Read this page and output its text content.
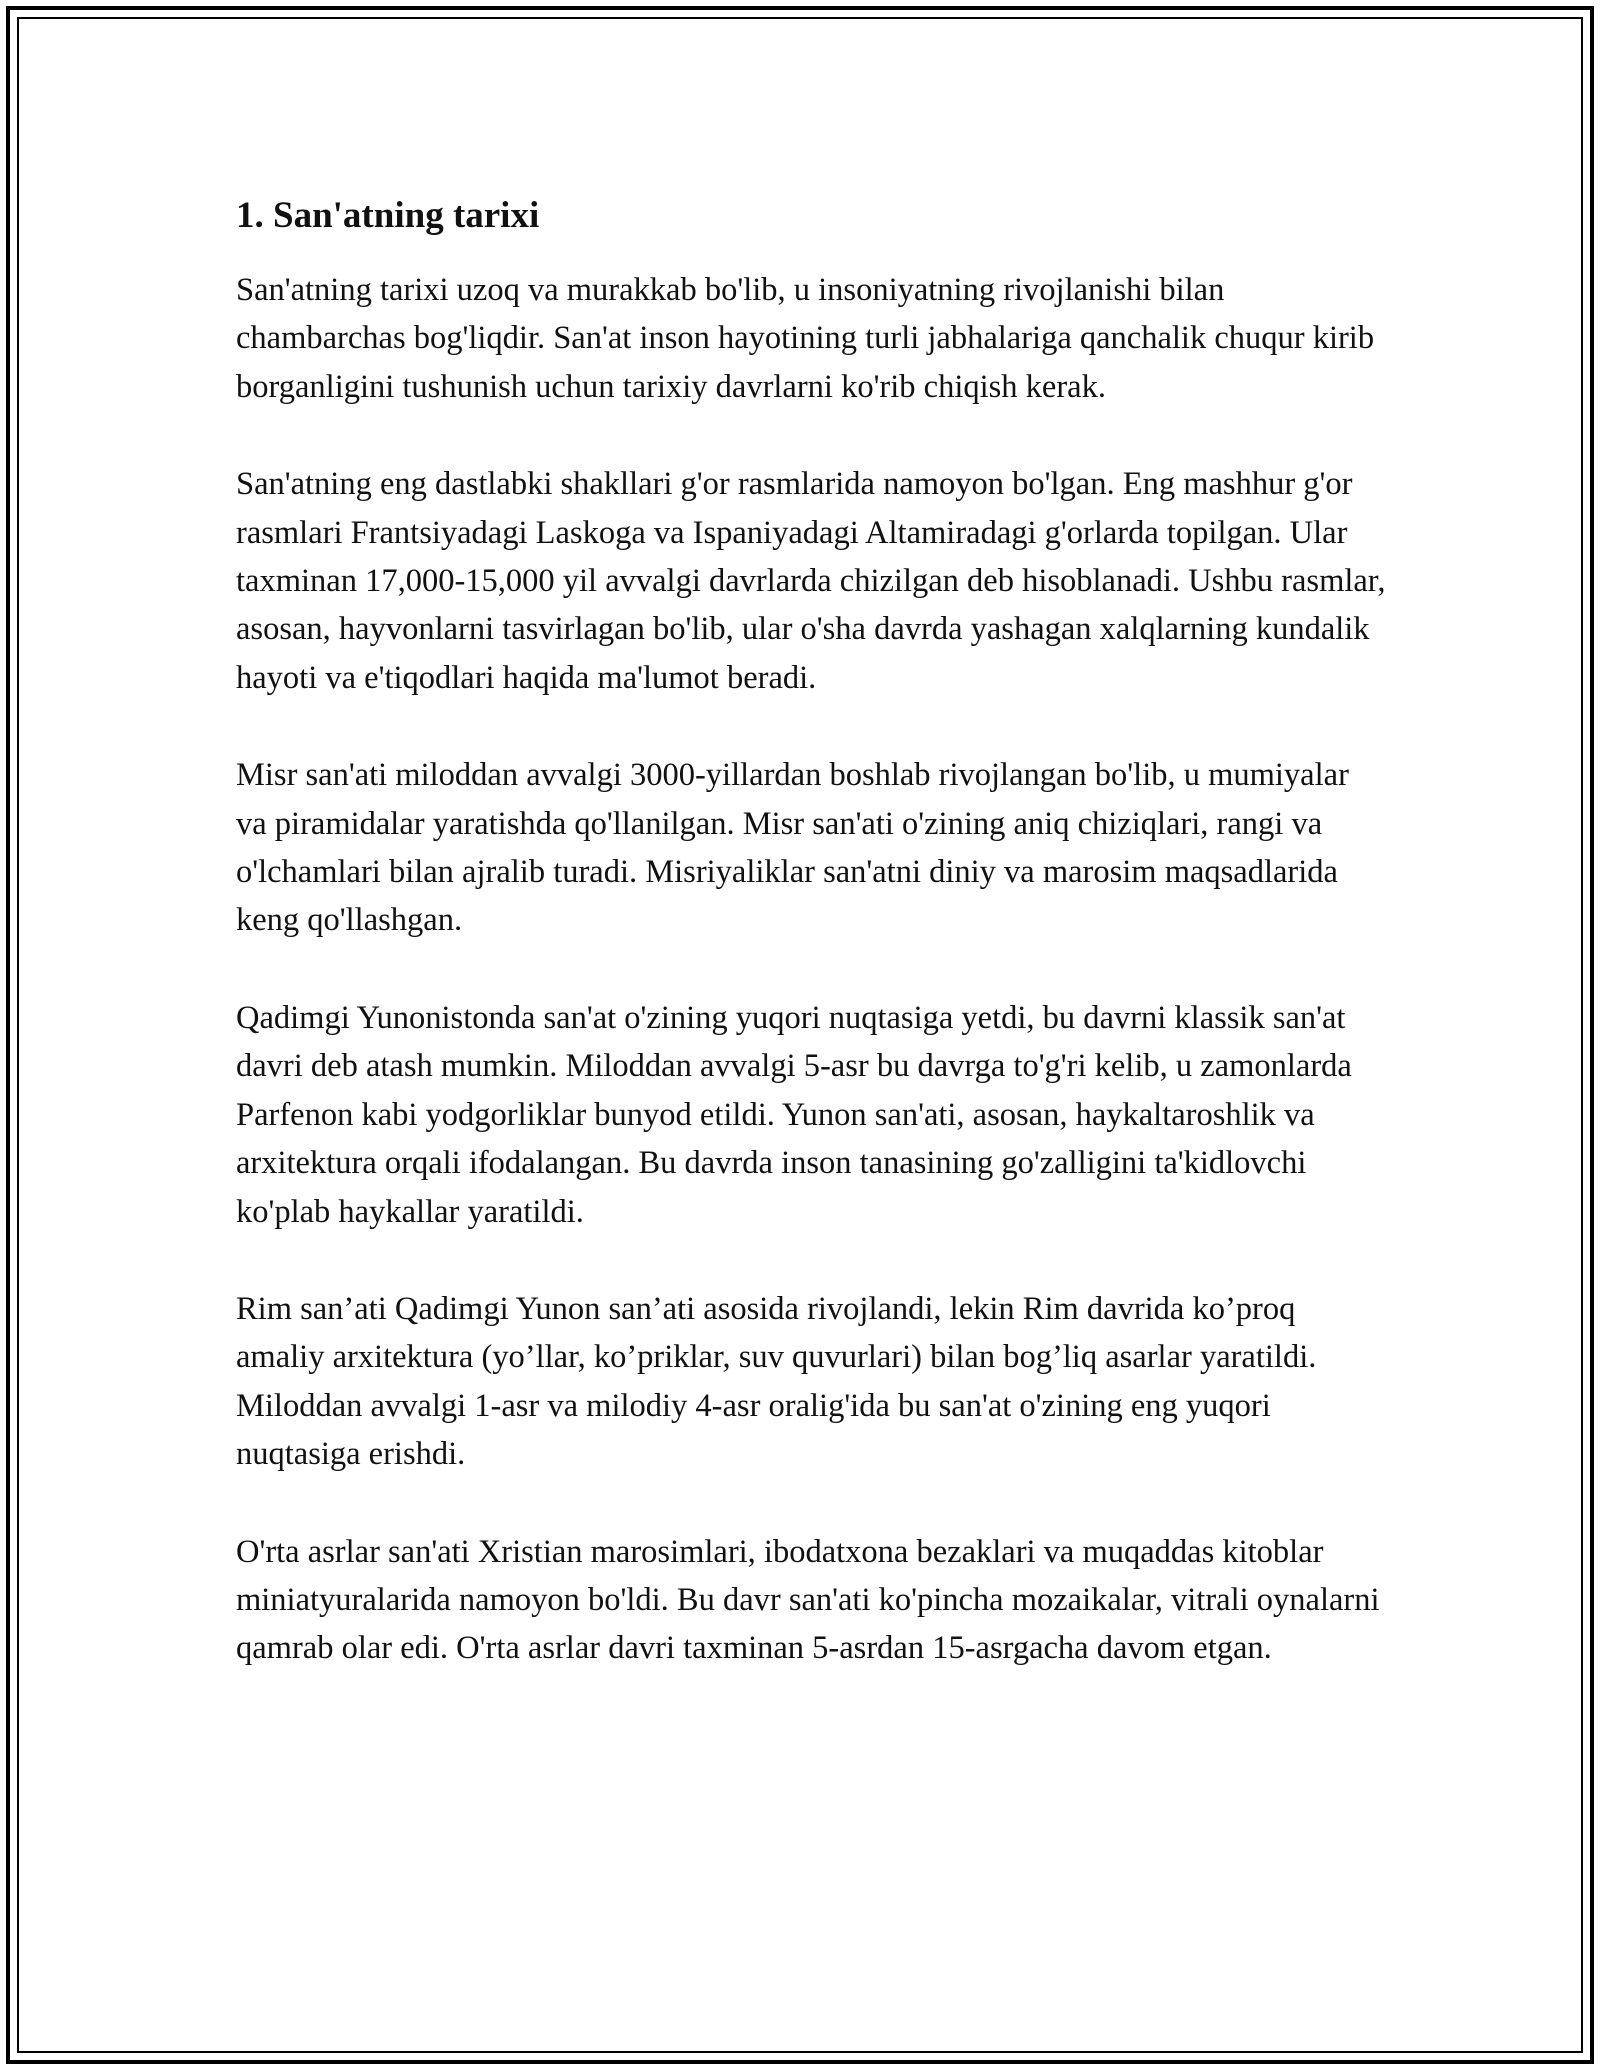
1. San'atning tarixi

San'atning tarixi uzoq va murakkab bo'lib, u insoniyatning rivojlanishi bilan chambarchas bog'liqdir. San'at inson hayotining turli jabhalariga qanchalik chuqur kirib borganligini tushunish uchun tarixiy davrlarni ko'rib chiqish kerak.

San'atning eng dastlabki shakllari g'or rasmlarida namoyon bo'lgan. Eng mashhur g'or rasmlari Frantsiyadagi Laskoga va Ispaniyadagi Altamiradagi g'orlarda topilgan. Ular taxminan 17,000-15,000 yil avvalgi davrlarda chizilgan deb hisoblanadi. Ushbu rasmlar, asosan, hayvonlarni tasvirlagan bo'lib, ular o'sha davrda yashagan xalqlarning kundalik hayoti va e'tiqodlari haqida ma'lumot beradi.

Misr san'ati miloddan avvalgi 3000-yillardan boshlab rivojlangan bo'lib, u mumiyalar va piramidalar yaratishda qo'llanilgan. Misr san'ati o'zining aniq chiziqlari, rangi va o'lchamlari bilan ajralib turadi. Misriyaliklar san'atni diniy va marosim maqsadlarida keng qo'llashgan.

Qadimgi Yunonistonda san'at o'zining yuqori nuqtasiga yetdi, bu davrni klassik san'at davri deb atash mumkin. Miloddan avvalgi 5-asr bu davrga to'g'ri kelib, u zamonlarda Parfenon kabi yodgorliklar bunyod etildi. Yunon san'ati, asosan, haykaltaroshlik va arxitektura orqali ifodalangan. Bu davrda inson tanasining go'zalligini ta'kidlovchi ko'plab haykallar yaratildi.

Rim san’ati Qadimgi Yunon san’ati asosida rivojlandi, lekin Rim davrida ko’proq amaliy arxitektura (yo’llar, ko’priklar, suv quvurlari) bilan bog’liq asarlar yaratildi. Miloddan avvalgi 1-asr va milodiy 4-asr oralig'ida bu san'at o'zining eng yuqori nuqtasiga erishdi.

O'rta asrlar san'ati Xristian marosimlari, ibodatxona bezaklari va muqaddas kitoblar miniatyuralarida namoyon bo'ldi. Bu davr san'ati ko'pincha mozaikalar, vitrali oynalarni qamrab olar edi. O'rta asrlar davri taxminan 5-asrdan 15-asrgacha davom etgan.
